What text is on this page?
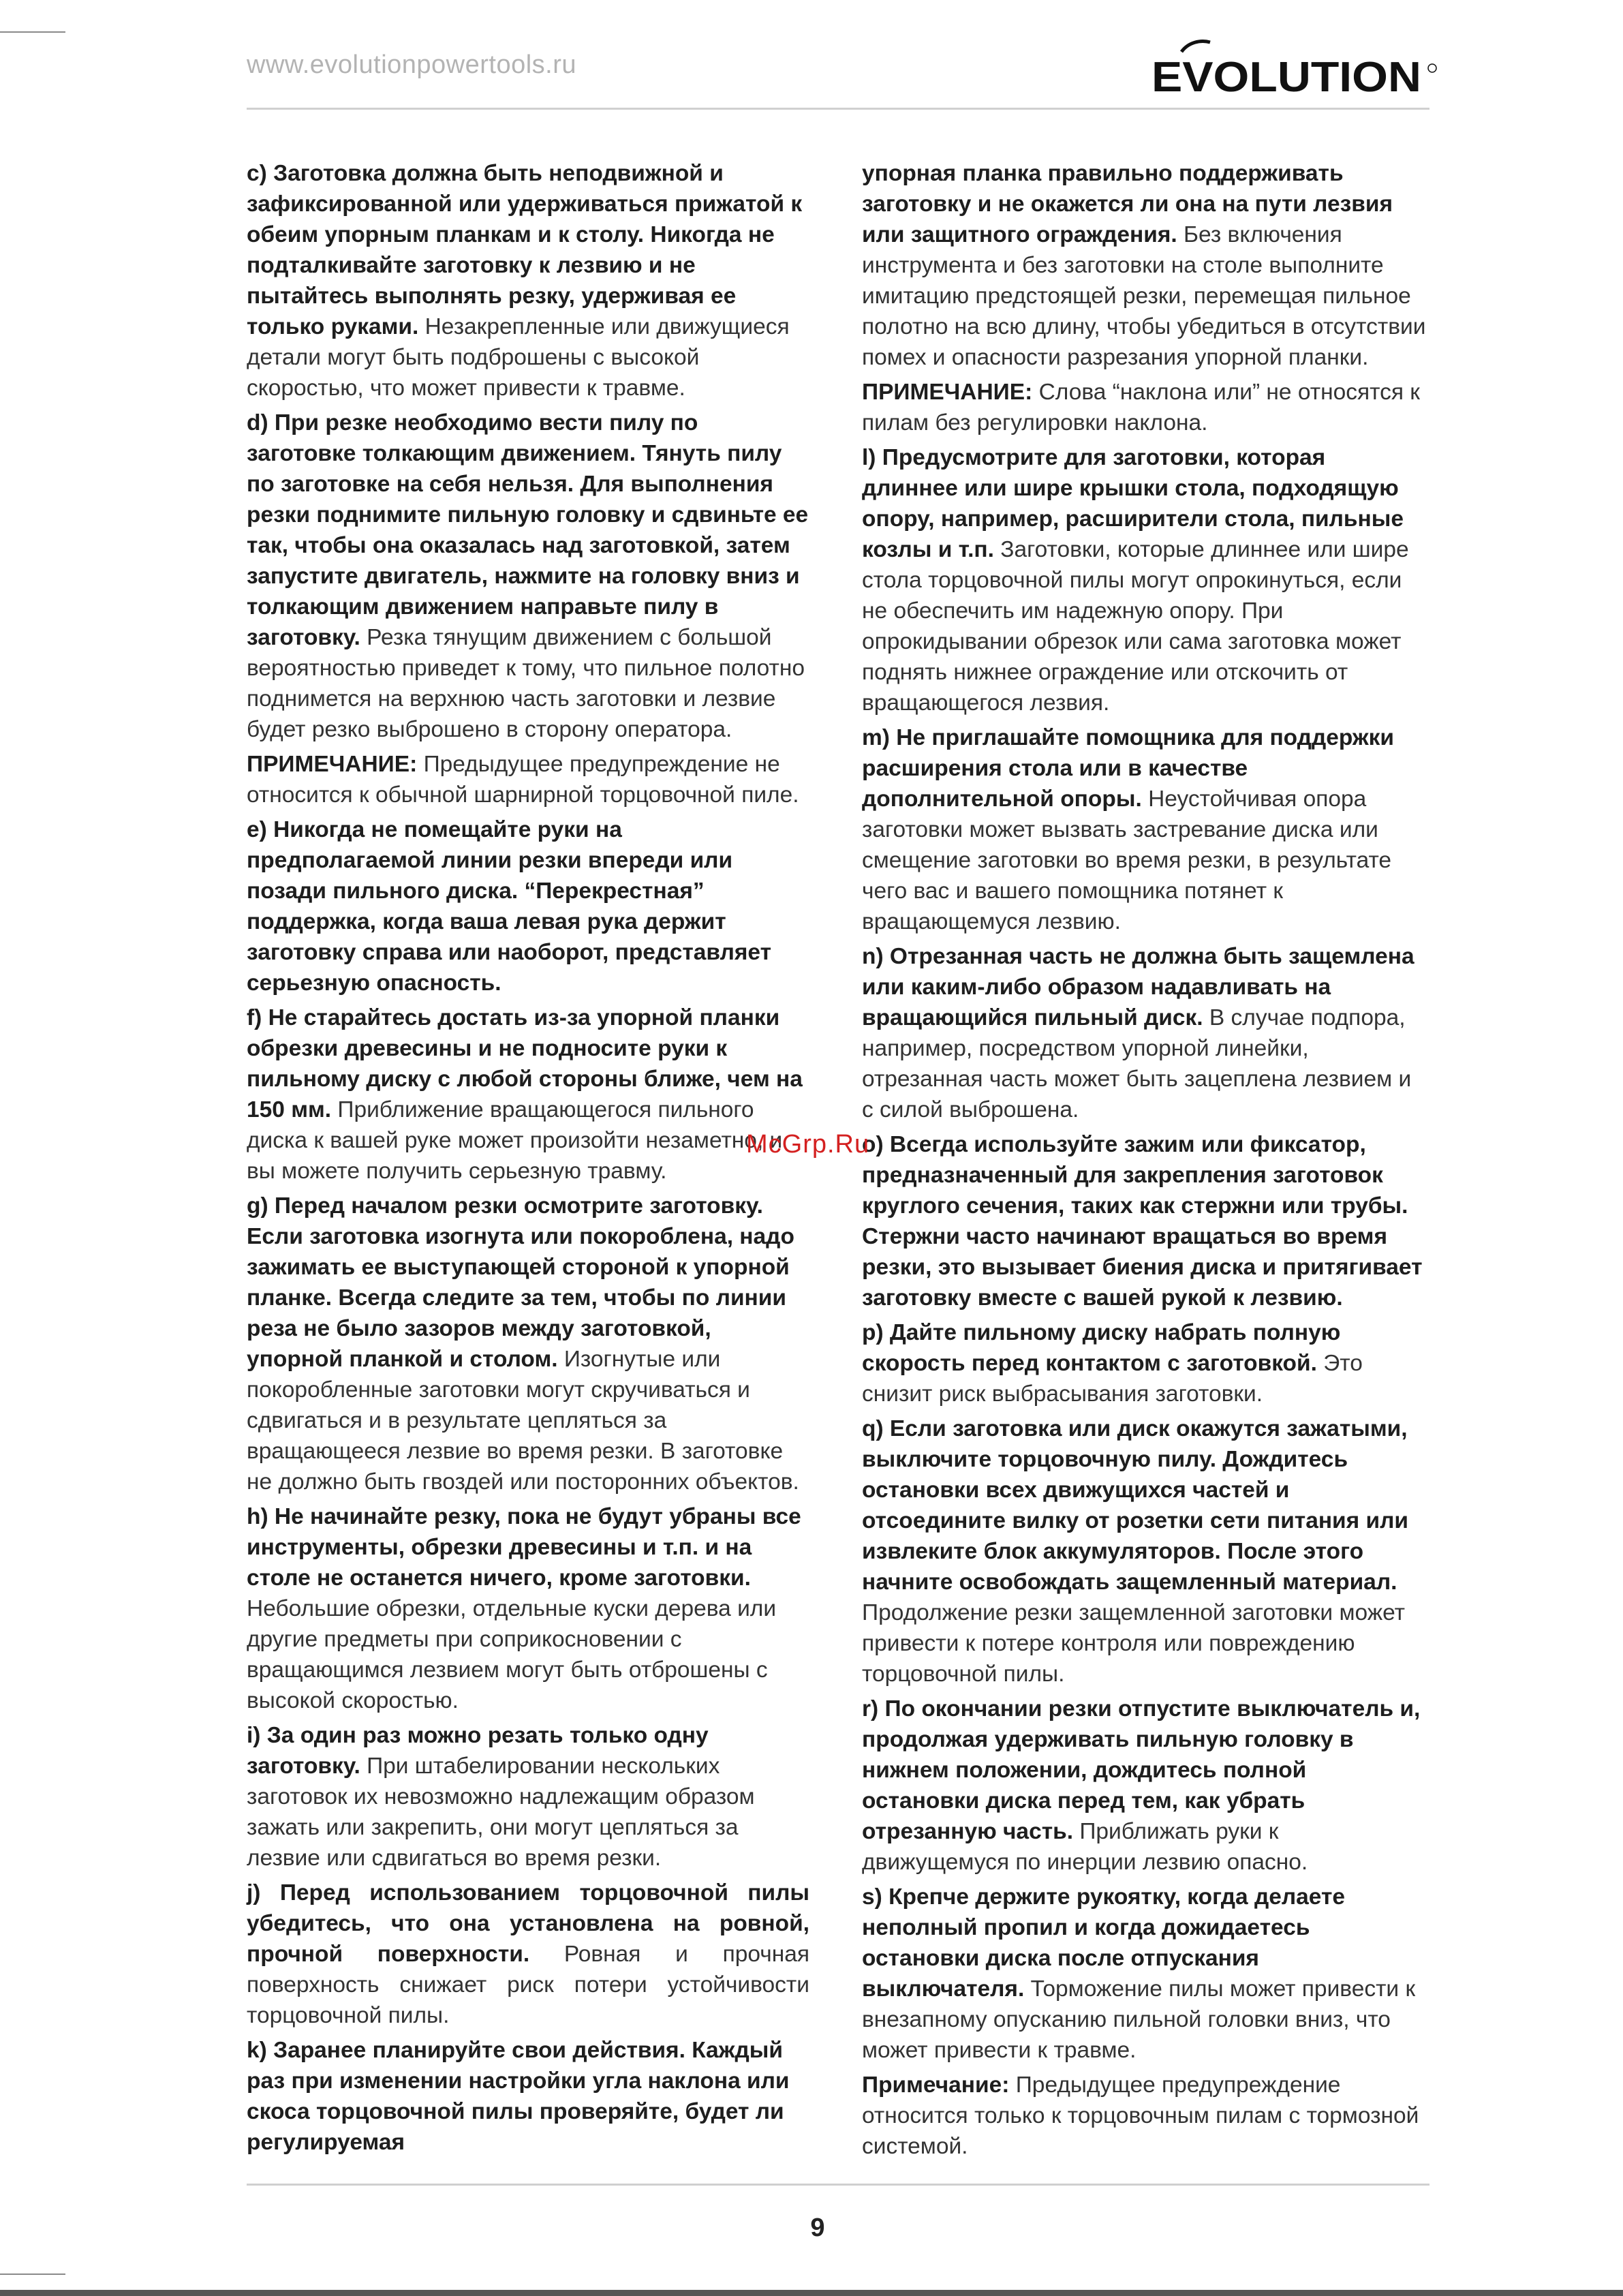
www.evolutionpowertools.ru	EVOLUTION

c) Заготовка должна быть неподвижной и зафиксированной или удерживаться прижатой к обеим упорным планкам и к столу. Никогда не подталкивайте заготовку к лезвию и не пытайтесь выполнять резку, удерживая ее только руками. Незакрепленные или движущиеся детали могут быть подброшены с высокой скоростью, что может привести к травме.

d) При резке необходимо вести пилу по заготовке толкающим движением. Тянуть пилу по заготовке на себя нельзя. Для выполнения резки поднимите пильную головку и сдвиньте ее так, чтобы она оказалась над заготовкой, затем запустите двигатель, нажмите на головку вниз и толкающим движением направьте пилу в заготовку. Резка тянущим движением с большой вероятностью приведет к тому, что пильное полотно поднимется на верхнюю часть заготовки и лезвие будет резко выброшено в сторону оператора.

ПРИМЕЧАНИЕ: Предыдущее предупреждение не относится к обычной шарнирной торцовочной пиле.

e) Никогда не помещайте руки на предполагаемой линии резки впереди или позади пильного диска. “Перекрестная” поддержка, когда ваша левая рука держит заготовку справа или наоборот, представляет серьезную опасность.

f) Не старайтесь достать из-за упорной планки обрезки древесины и не подносите руки к пильному диску с любой стороны ближе, чем на 150 мм. Приближение вращающегося пильного диска к вашей руке может произойти незаметно, и вы можете получить серьезную травму.

g) Перед началом резки осмотрите заготовку. Если заготовка изогнута или покороблена, надо зажимать ее выступающей стороной к упорной планке. Всегда следите за тем, чтобы по линии реза не было зазоров между заготовкой, упорной планкой и столом. Изогнутые или покоробленные заготовки могут скручиваться и сдвигаться и в результате цепляться за вращающееся лезвие во время резки. В заготовке не должно быть гвоздей или посторонних объектов.

h) Не начинайте резку, пока не будут убраны все инструменты, обрезки древесины и т.п. и на столе не останется ничего, кроме заготовки. Небольшие обрезки, отдельные куски дерева или другие предметы при соприкосновении с вращающимся лезвием могут быть отброшены с высокой скоростью.

i) За один раз можно резать только одну заготовку. При штабелировании нескольких заготовок их невозможно надлежащим образом зажать или закрепить, они могут цепляться за лезвие или сдвигаться во время резки.

j) Перед использованием торцовочной пилы убедитесь, что она установлена на ровной, прочной поверхности. Ровная и прочная поверхность снижает риск потери устойчивости торцовочной пилы.

k) Заранее планируйте свои действия. Каждый раз при изменении настройки угла наклона или скоса торцовочной пилы проверяйте, будет ли регулируемая

упорная планка правильно поддерживать заготовку и не окажется ли она на пути лезвия или защитного ограждения. Без включения инструмента и без заготовки на столе выполните имитацию предстоящей резки, перемещая пильное полотно на всю длину, чтобы убедиться в отсутствии помех и опасности разрезания упорной планки.

ПРИМЕЧАНИЕ: Слова “наклона или” не относятся к пилам без регулировки наклона.

l) Предусмотрите для заготовки, которая длиннее или шире крышки стола, подходящую опору, например, расширители стола, пильные козлы и т.п. Заготовки, которые длиннее или шире стола торцовочной пилы могут опрокинуться, если не обеспечить им надежную опору. При опрокидывании обрезок или сама заготовка может поднять нижнее ограждение или отскочить от вращающегося лезвия.

m) Не приглашайте помощника для поддержки расширения стола или в качестве дополнительной опоры. Неустойчивая опора заготовки может вызвать застревание диска или смещение заготовки во время резки, в результате чего вас и вашего помощника потянет к вращающемуся лезвию.

n) Отрезанная часть не должна быть защемлена или каким-либо образом надавливать на вращающийся пильный диск. В случае подпора, например, посредством упорной линейки, отрезанная часть может быть зацеплена лезвием и с силой выброшена.

o) Всегда используйте зажим или фиксатор, предназначенный для закрепления заготовок круглого сечения, таких как стержни или трубы. Стержни часто начинают вращаться во время резки, это вызывает биения диска и притягивает заготовку вместе с вашей рукой к лезвию.

p) Дайте пильному диску набрать полную скорость перед контактом с заготовкой. Это снизит риск выбрасывания заготовки.

q) Если заготовка или диск окажутся зажатыми, выключите торцовочную пилу. Дождитесь остановки всех движущихся частей и отсоедините вилку от розетки сети питания или извлеките блок аккумуляторов. После этого начните освобождать защемленный материал. Продолжение резки защемленной заготовки может привести к потере контроля или повреждению торцовочной пилы.

r) По окончании резки отпустите выключатель и, продолжая удерживать пильную головку в нижнем положении, дождитесь полной остановки диска перед тем, как убрать отрезанную часть. Приближать руки к движущемуся по инерции лезвию опасно.

s) Крепче держите рукоятку, когда делаете неполный пропил и когда дожидаетесь остановки диска после отпускания выключателя. Торможение пилы может привести к внезапному опусканию пильной головки вниз, что может привести к травме.

Примечание: Предыдущее предупреждение относится только к торцовочным пилам с тормозной системой.

McGrp.Ru
9
